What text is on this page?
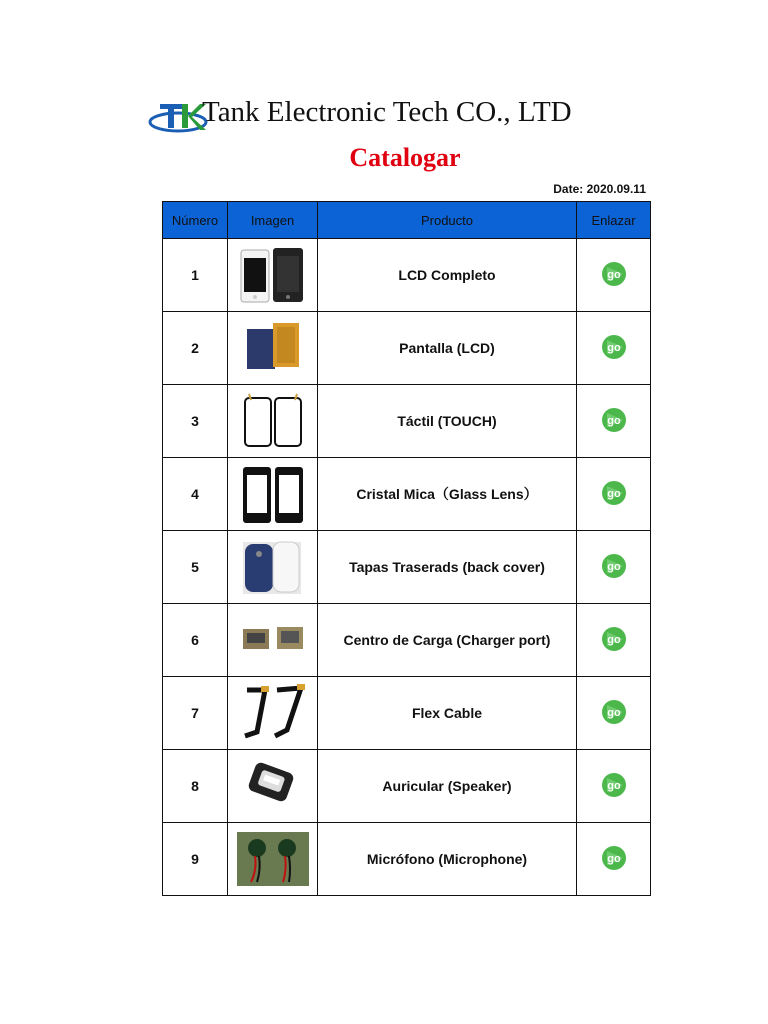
Tank Electronic Tech CO., LTD
Catalogar
Date: 2020.09.11
Número	Imagen	Producto	Enlazar
1		LCD Completo	go

2		Pantalla (LCD)	go

3		Táctil (TOUCH)	go

4		Cristal Mica（Glass Lens）	go

5		Tapas Traserads (back cover)	go

6		Centro de Carga (Charger port)	go

7		Flex Cable	go

8		Auricular (Speaker)	go

9		Micrófono (Microphone)	go
